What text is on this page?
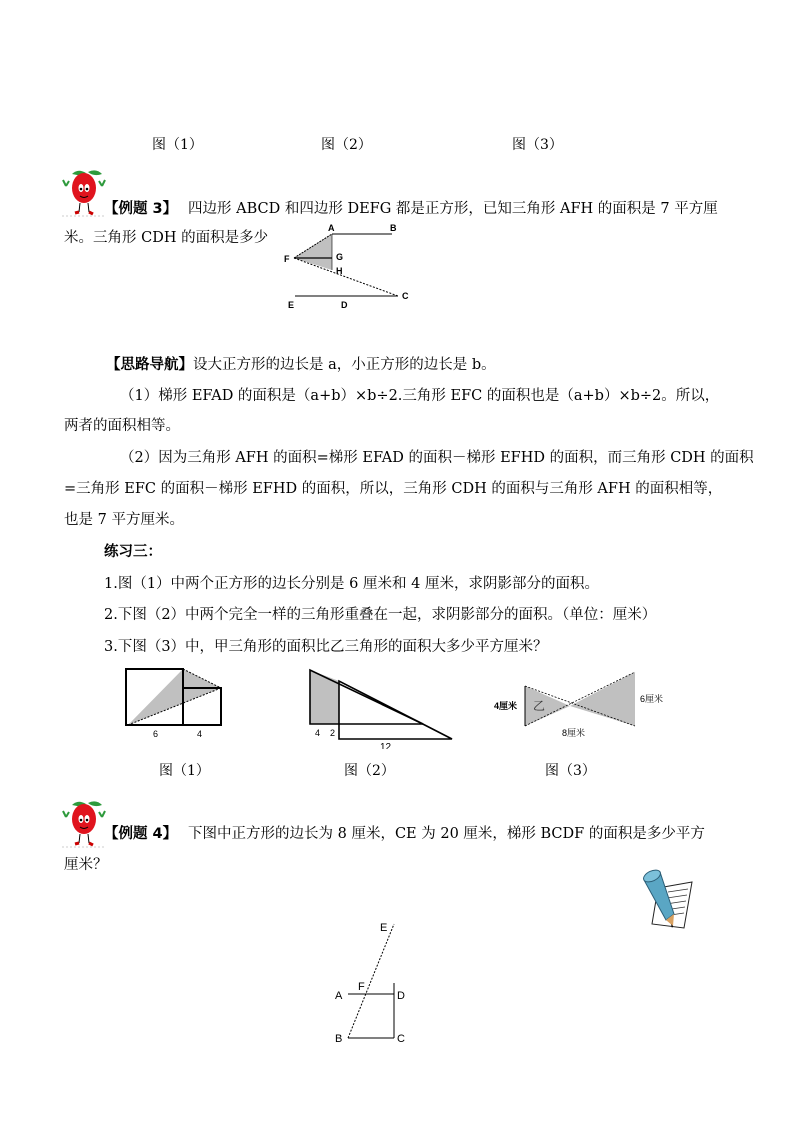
图（1）	图（2）	图（3）
【例题 3】 四边形 ABCD 和四边形 DEFG 都是正方形，已知三角形 AFH 的面积是 7 平方厘
米。三角形 CDH 的面积是多少
A	B
F	G
H
E	D
C
【思路导航】设大正方形的边长是 a，小正方形的边长是 b。
（1）梯形 EFAD 的面积是（a+b）×b÷2.三角形 EFC 的面积也是（a+b）×b÷2。所以，
两者的面积相等。
（2）因为三角形 AFH 的面积=梯形 EFAD 的面积－梯形 EFHD 的面积，而三角形 CDH 的面积
=三角形 EFC 的面积－梯形 EFHD 的面积，所以，三角形 CDH 的面积与三角形 AFH 的面积相等，
也是 7 平方厘米。
练习三：
1.图（1）中两个正方形的边长分别是 6 厘米和 4 厘米，求阴影部分的面积。
2.下图（2）中两个完全一样的三角形重叠在一起，求阴影部分的面积。（单位：厘米）
3.下图（3）中，甲三角形的面积比乙三角形的面积大多少平方厘米？
6	4
图（1）
4 2
12
图（2）
4厘米 乙	6厘米
8厘米
图（3）
【例题 4】 下图中正方形的边长为 8 厘米，CE 为 20 厘米，梯形 BCDF 的面积是多少平方
厘米？
E
F
A	D
B	C
